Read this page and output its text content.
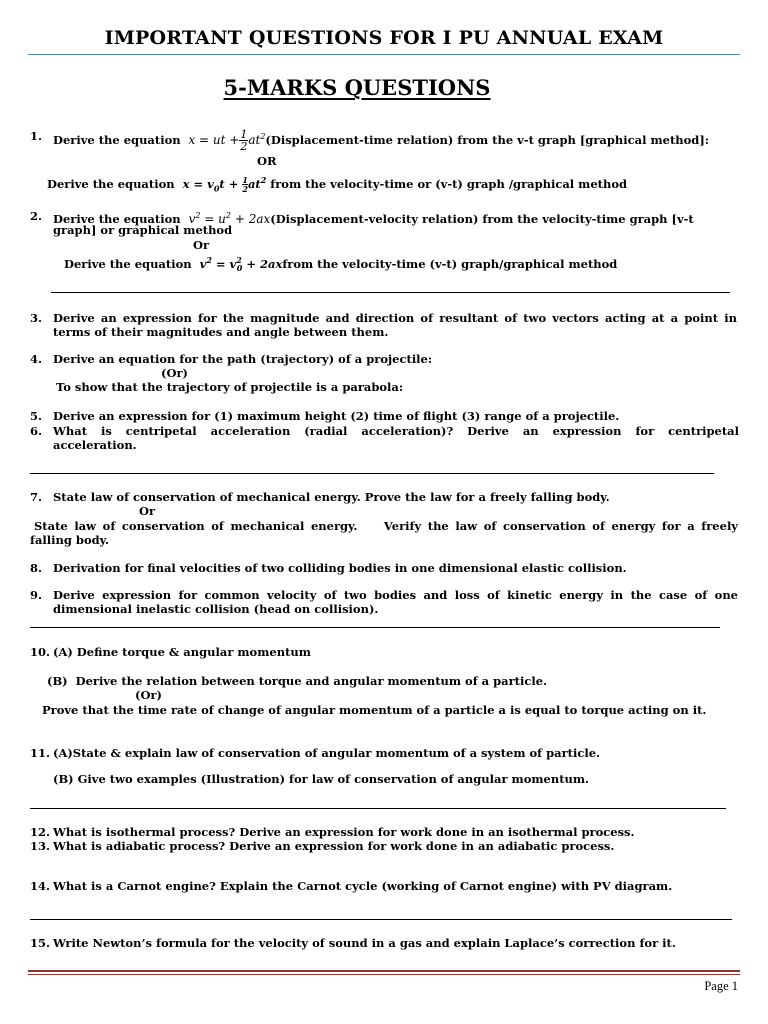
IMPORTANT QUESTIONS FOR I PU ANNUAL EXAM
5-MARKS QUESTIONS
1. Derive the equation x = ut + $\frac{1}{2}$ $at^2(Displacement$-time relation) from the v-t graph [graphical method]:
OR
Derive the equation $x = v_0t + \frac{1}{2} at^2$ from the velocity-time or (v-t) graph /graphical method
2. Derive the equation $v^2 = u^2$ + 2ax(Displacement-velocity relation) from the velocity-time graph [v-t
graph] or graphical method
Or
Derive the equation $v^2 = v^2_0$ + 2axfrom the velocity-time (v-t) graph/graphical method
3. Derive an expression for the magnitude and direction of resultant of two vectors acting at a point in
terms of their magnitudes and angle between them.
4. Derive an equation for the path (trajectory) of a projectile:
(Or)
To show that the trajectory of projectile is a parabola:
5. Derive an expression for (1) maximum height (2) time of flight (3) range of a projectile.
6. What is centripetal acceleration (radial acceleration)? Derive an expression for centripetal
acceleration.
7. State law of conservation of mechanical energy. Prove the law for a freely falling body.
Or
State law of conservation of mechanical energy.    Verify the law of conservation of energy for a freely
falling body.
8. Derivation for final velocities of two colliding bodies in one dimensional elastic collision.
9. Derive expression for common velocity of two bodies and loss of kinetic energy in the case of one
dimensional inelastic collision (head on collision).
10. (A) Define torque & angular momentum
(B)  Derive the relation between torque and angular momentum of a particle.
(Or)
Prove that the time rate of change of angular momentum of a particle a is equal to torque acting on it.
11. (A)State & explain law of conservation of angular momentum of a system of particle.
(B) Give two examples (Illustration) for law of conservation of angular momentum.
12. What is isothermal process? Derive an expression for work done in an isothermal process.
13. What is adiabatic process? Derive an expression for work done in an adiabatic process.
14. What is a Carnot engine? Explain the Carnot cycle (working of Carnot engine) with PV diagram.
15. Write Newton’s formula for the velocity of sound in a gas and explain Laplace’s correction for it.
Page 1
